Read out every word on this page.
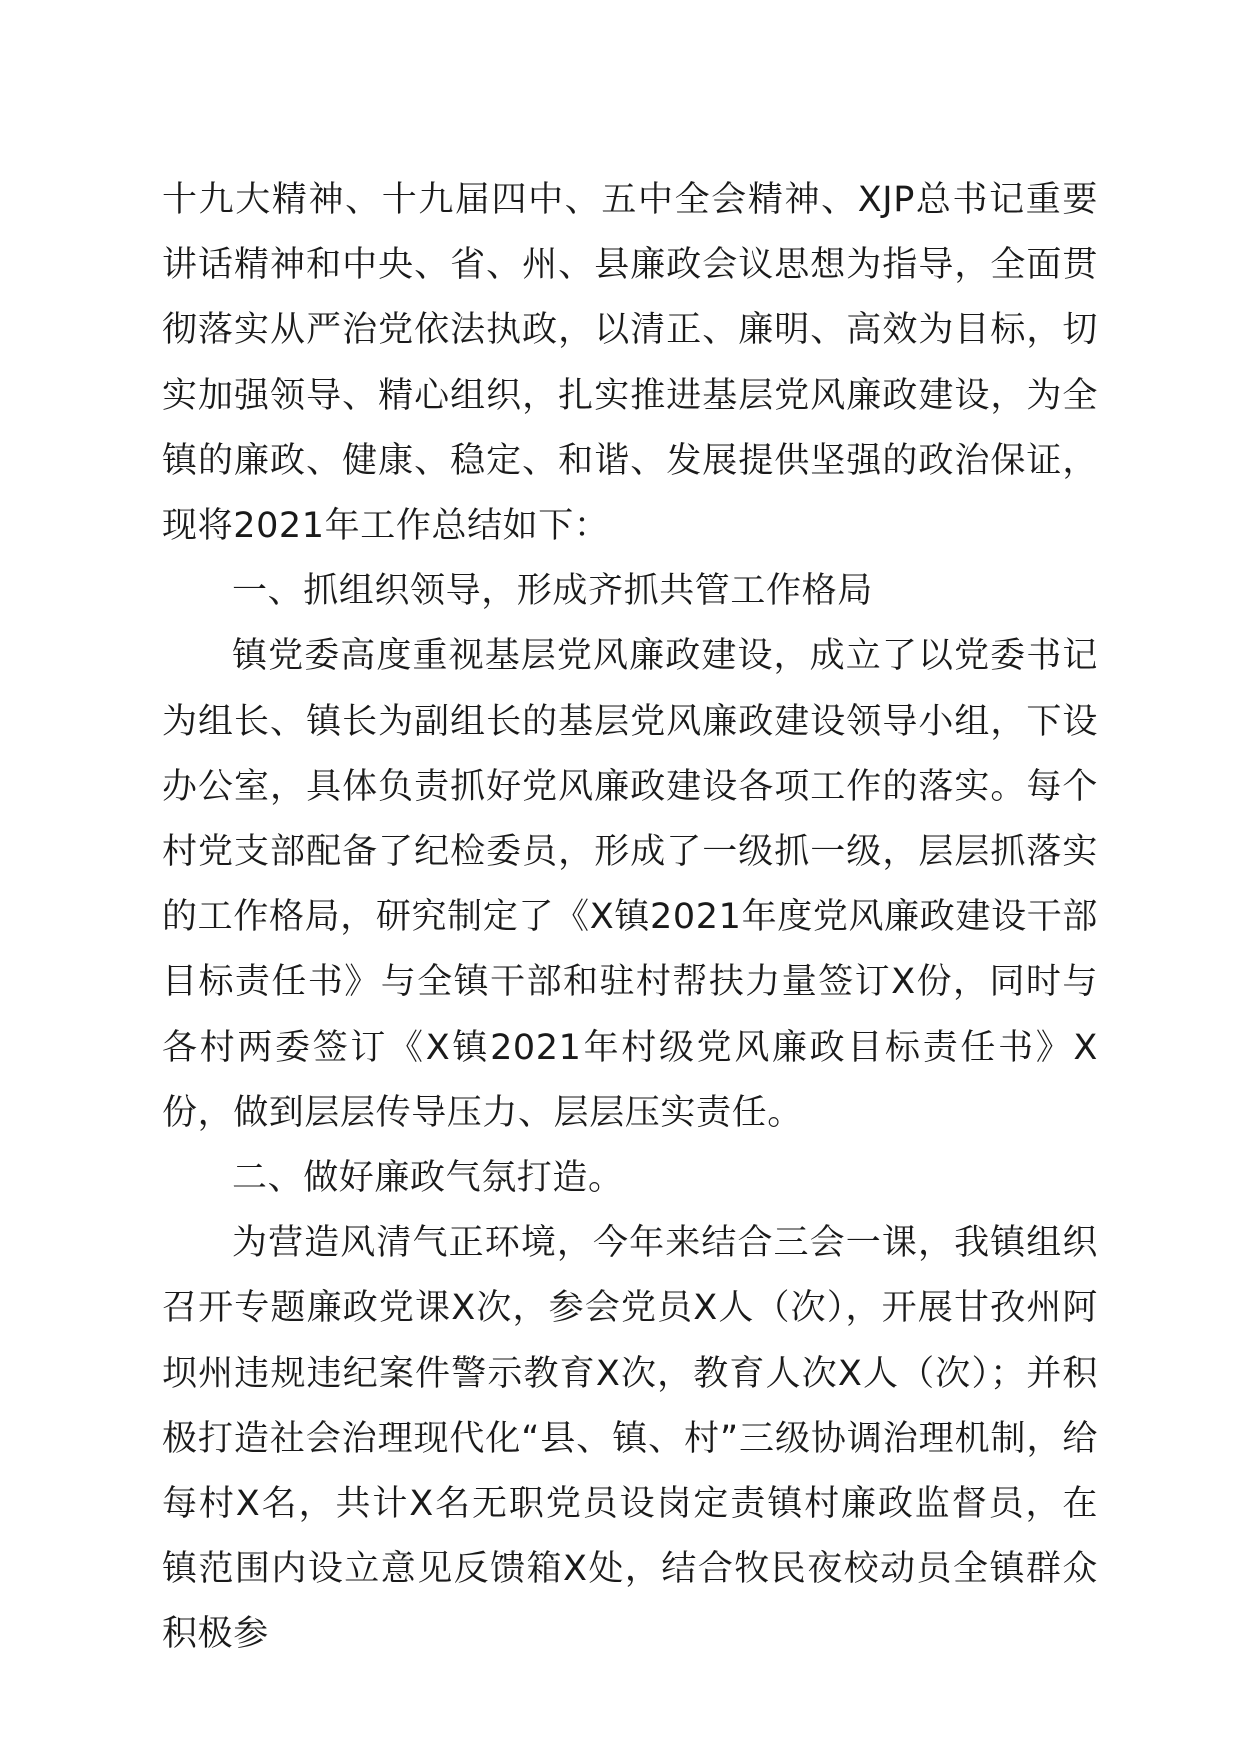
十九大精神、十九届四中、五中全会精神、XJP总书记重要讲话精神和中央、省、州、县廉政会议思想为指导，全面贯彻落实从严治党依法执政，以清正、廉明、高效为目标，切实加强领导、精心组织，扎实推进基层党风廉政建设，为全镇的廉政、健康、稳定、和谐、发展提供坚强的政治保证，现将2021年工作总结如下：

一、抓组织领导，形成齐抓共管工作格局

镇党委高度重视基层党风廉政建设，成立了以党委书记为组长、镇长为副组长的基层党风廉政建设领导小组，下设办公室，具体负责抓好党风廉政建设各项工作的落实。每个村党支部配备了纪检委员，形成了一级抓一级，层层抓落实的工作格局，研究制定了《X镇2021年度党风廉政建设干部目标责任书》与全镇干部和驻村帮扶力量签订X份，同时与各村两委签订《X镇2021年村级党风廉政目标责任书》X份，做到层层传导压力、层层压实责任。

二、做好廉政气氛打造。

为营造风清气正环境，今年来结合三会一课，我镇组织召开专题廉政党课X次，参会党员X人（次），开展甘孜州阿坝州违规违纪案件警示教育X次，教育人次X人（次）；并积极打造社会治理现代化“县、镇、村”三级协调治理机制，给每村X名，共计X名无职党员设岗定责镇村廉政监督员，在镇范围内设立意见反馈箱X处，结合牧民夜校动员全镇群众积极参
